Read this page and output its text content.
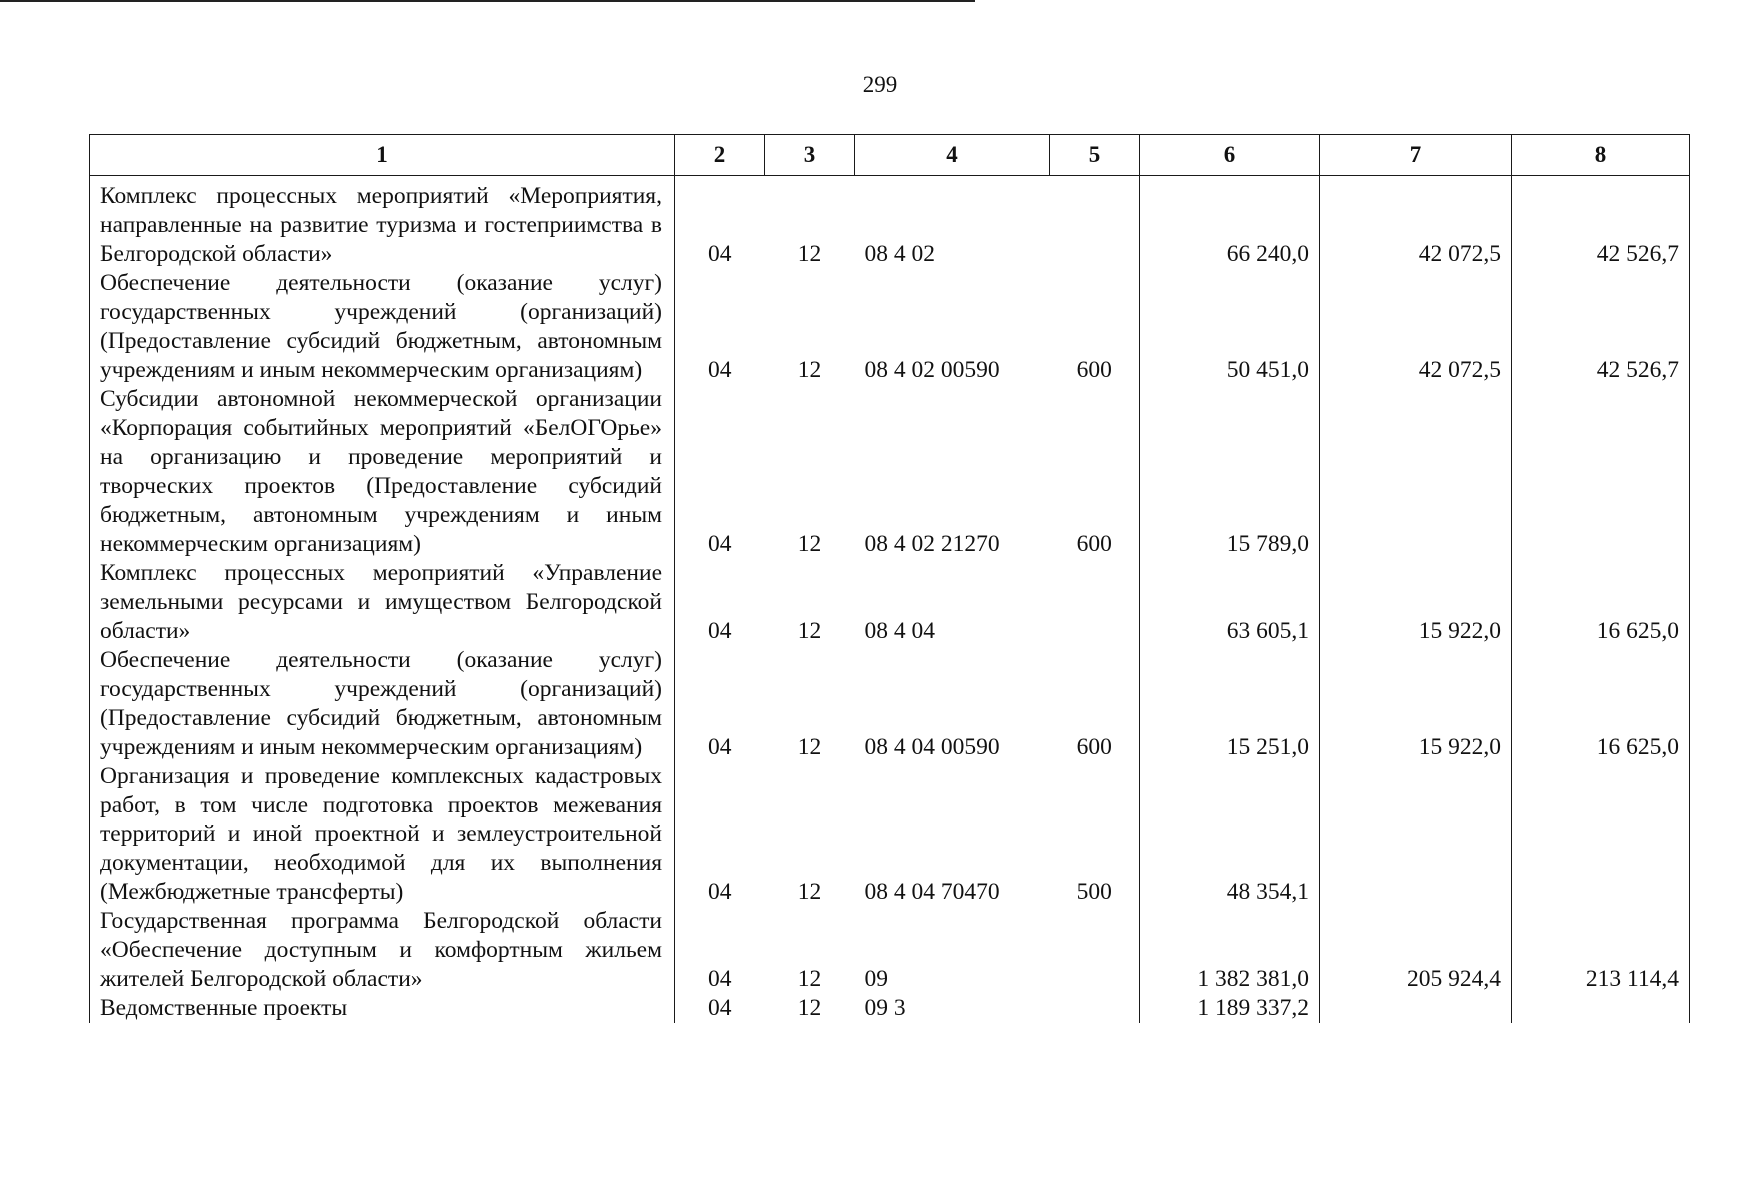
299
1	2	3	4	5	6	7	8

Комплекс процессных мероприятий «Мероприятия, направленные на развитие туризма и гостеприимства в Белгородской области»	04	12	08 4 02		66 240,0	42 072,5	42 526,7
Обеспечение деятельности (оказание услуг) государственных учреждений (организаций) (Предоставление субсидий бюджетным, автономным учреждениям и иным некоммерческим организациям)	04	12	08 4 02 00590	600	50 451,0	42 072,5	42 526,7
Субсидии автономной некоммерческой организации «Корпорация событийных мероприятий «БелОГОрье» на организацию и проведение мероприятий и творческих проектов (Предоставление субсидий бюджетным, автономным учреждениям и иным некоммерческим организациям)	04	12	08 4 02 21270	600	15 789,0		
Комплекс процессных мероприятий «Управление земельными ресурсами и имуществом Белгородской области»	04	12	08 4 04		63 605,1	15 922,0	16 625,0
Обеспечение деятельности (оказание услуг) государственных учреждений (организаций) (Предоставление субсидий бюджетным, автономным учреждениям и иным некоммерческим организациям)	04	12	08 4 04 00590	600	15 251,0	15 922,0	16 625,0
Организация и проведение комплексных кадастровых работ, в том числе подготовка проектов межевания территорий и иной проектной и землеустроительной документации, необходимой для их выполнения (Межбюджетные трансферты)	04	12	08 4 04 70470	500	48 354,1		
Государственная программа Белгородской области «Обеспечение доступным и комфортным жильем жителей Белгородской области»	04	12	09		1 382 381,0	205 924,4	213 114,4
Ведомственные проекты	04	12	09 3		1 189 337,2		
